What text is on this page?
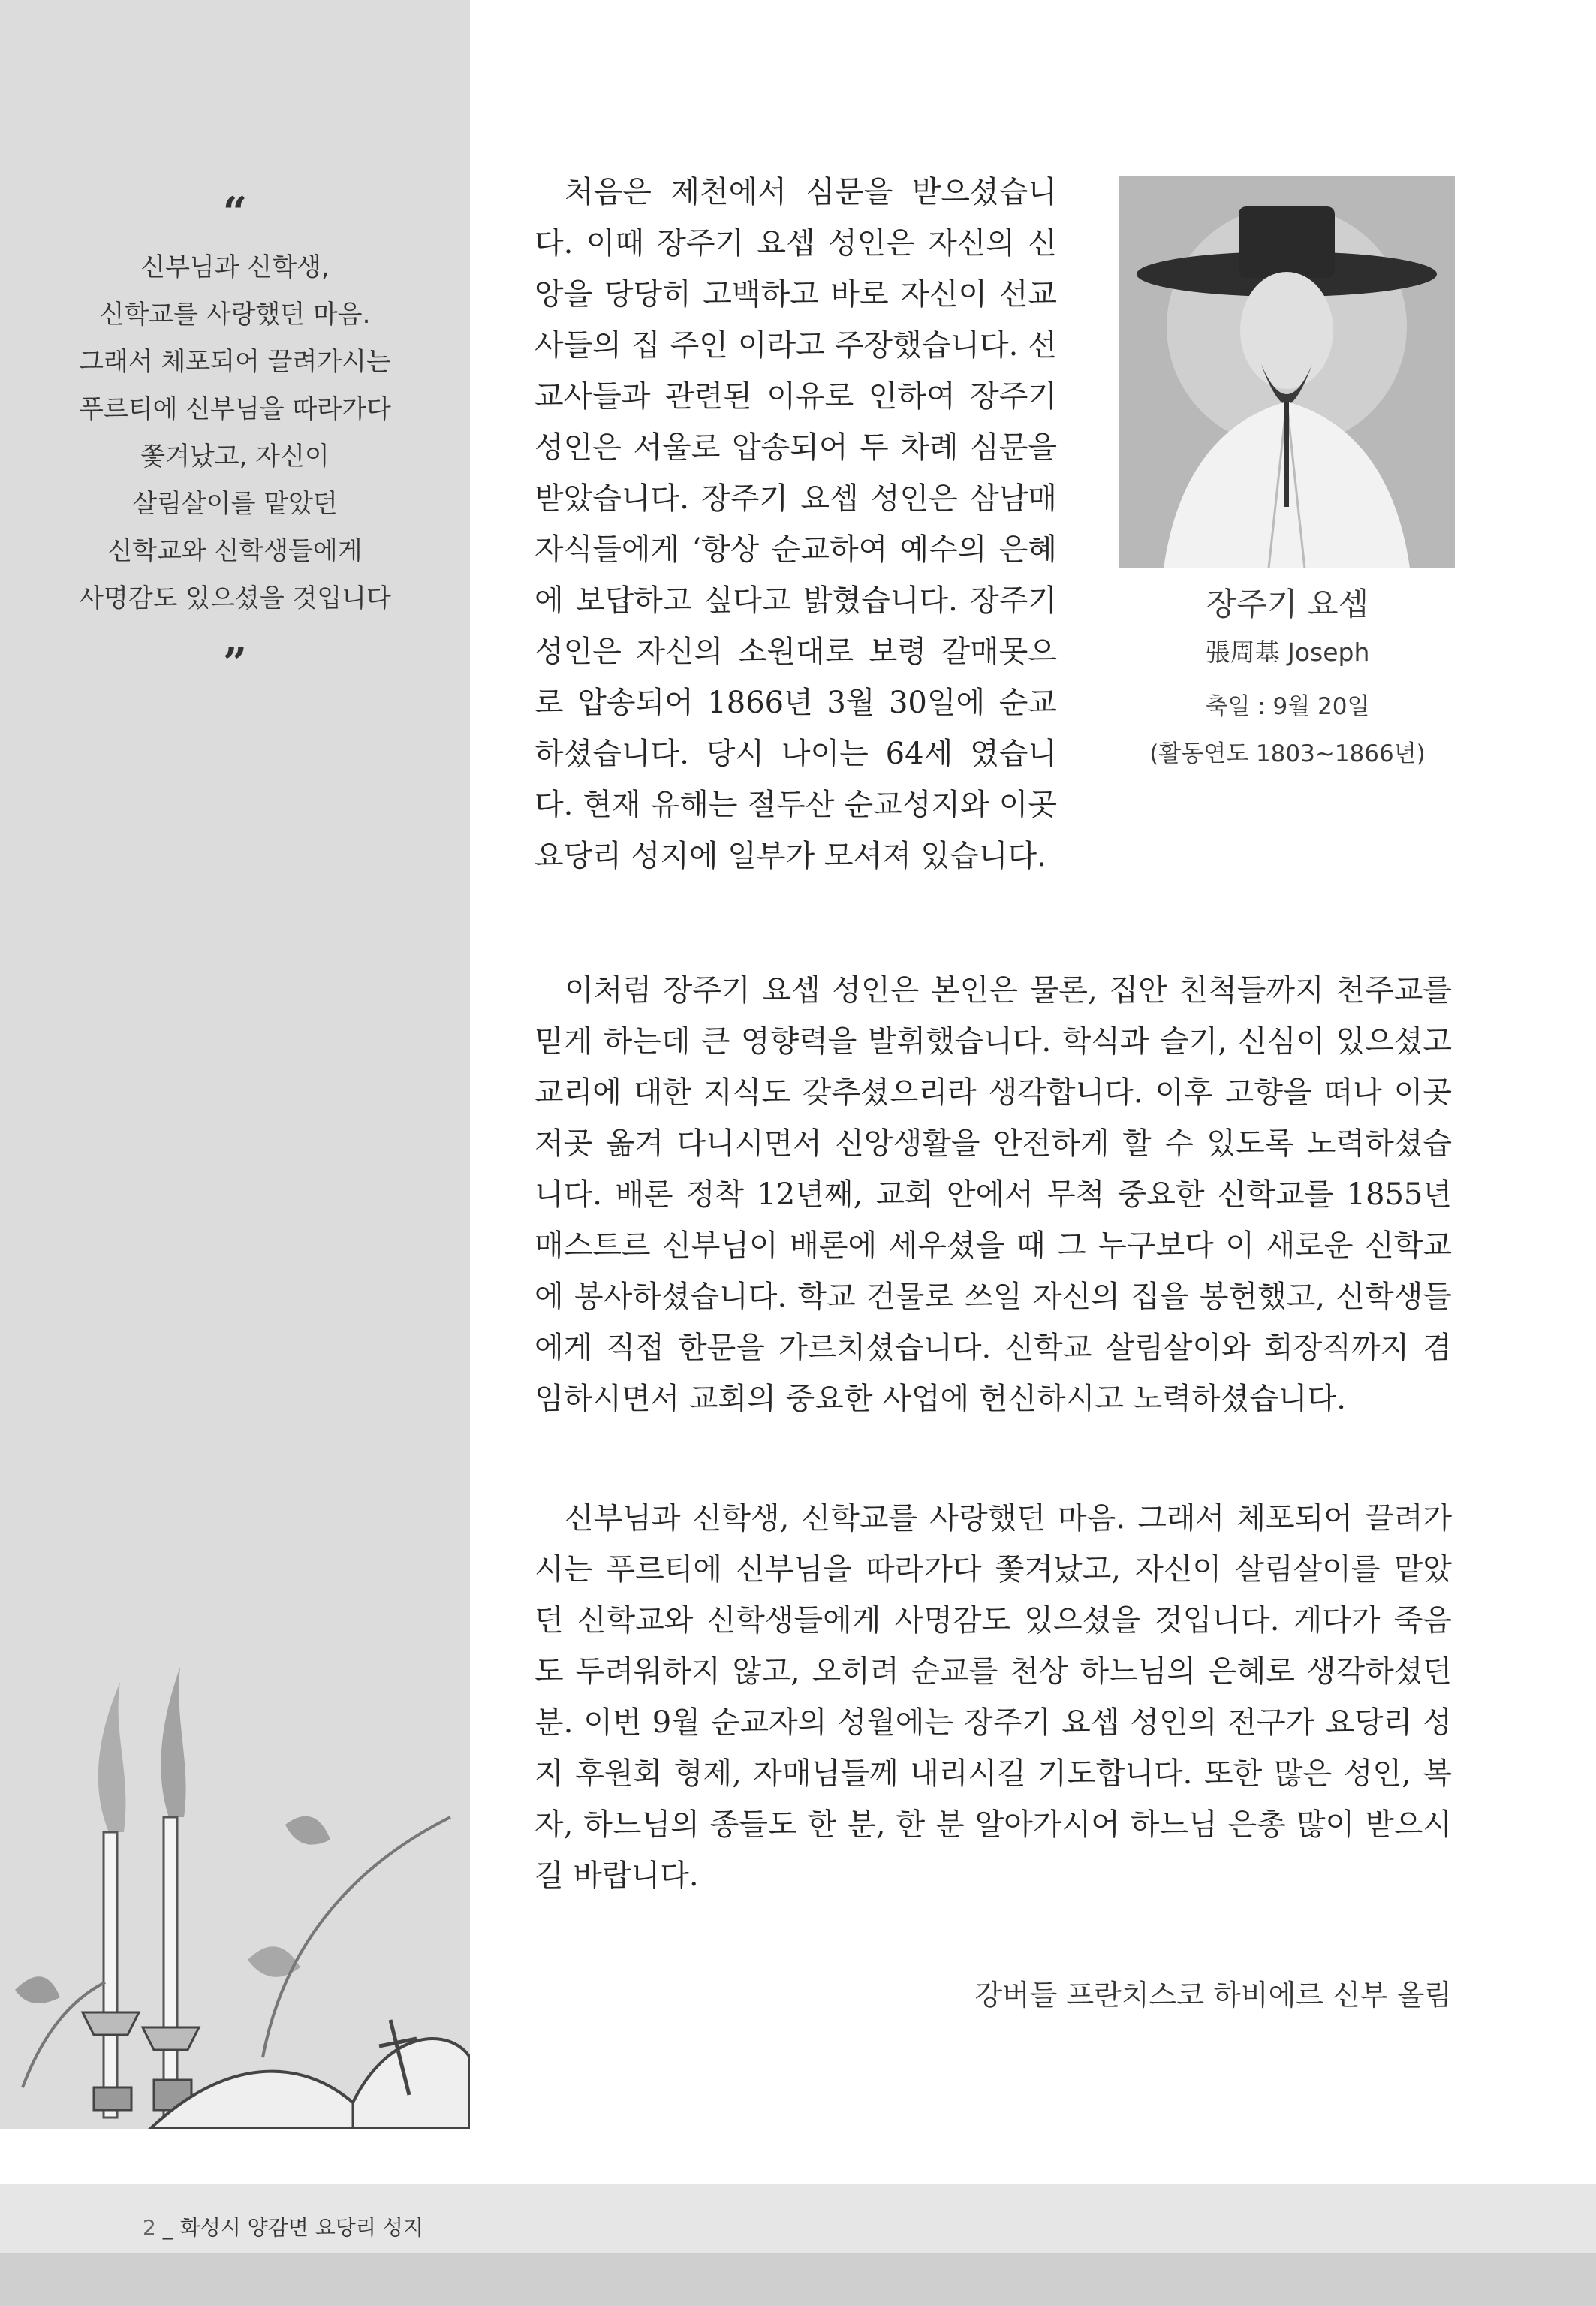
“
신부님과 신학생,
신학교를 사랑했던 마음.
그래서 체포되어 끌려가시는
푸르티에 신부님을 따라가다
쫓겨났고, 자신이
살림살이를 맡았던
신학교와 신학생들에게
사명감도 있으셨을 것입니다
”

처음은 제천에서 심문을 받으셨습니다. 이때 장주기 요셉 성인은 자신의 신앙을 당당히 고백하고 바로 자신이 선교사들의 집 주인 이라고 주장했습니다. 선교사들과 관련된 이유로 인하여 장주기 성인은 서울로 압송되어 두 차례 심문을 받았습니다. 장주기 요셉 성인은 삼남매 자식들에게 ‘항상 순교하여 예수의 은혜에 보답하고 싶다고 밝혔습니다. 장주기 성인은 자신의 소원대로 보령 갈매못으로 압송되어 1866년 3월 30일에 순교하셨습니다. 당시 나이는 64세 였습니다. 현재 유해는 절두산 순교성지와 이곳 요당리 성지에 일부가 모셔져 있습니다.

장주기 요셉
張周基 Joseph
축일 : 9월 20일
(활동연도 1803~1866년)

이처럼 장주기 요셉 성인은 본인은 물론, 집안 친척들까지 천주교를 믿게 하는데 큰 영향력을 발휘했습니다. 학식과 슬기, 신심이 있으셨고 교리에 대한 지식도 갖추셨으리라 생각합니다. 이후 고향을 떠나 이곳저곳 옮겨 다니시면서 신앙생활을 안전하게 할 수 있도록 노력하셨습니다. 배론 정착 12년째, 교회 안에서 무척 중요한 신학교를 1855년 매스트르 신부님이 배론에 세우셨을 때 그 누구보다 이 새로운 신학교에 봉사하셨습니다. 학교 건물로 쓰일 자신의 집을 봉헌했고, 신학생들에게 직접 한문을 가르치셨습니다. 신학교 살림살이와 회장직까지 겸임하시면서 교회의 중요한 사업에 헌신하시고 노력하셨습니다.

신부님과 신학생, 신학교를 사랑했던 마음. 그래서 체포되어 끌려가시는 푸르티에 신부님을 따라가다 쫓겨났고, 자신이 살림살이를 맡았던 신학교와 신학생들에게 사명감도 있으셨을 것입니다. 게다가 죽음도 두려워하지 않고, 오히려 순교를 천상 하느님의 은혜로 생각하셨던 분. 이번 9월 순교자의 성월에는 장주기 요셉 성인의 전구가 요당리 성지 후원회 형제, 자매님들께 내리시길 기도합니다. 또한 많은 성인, 복자, 하느님의 종들도 한 분, 한 분 알아가시어 하느님 은총 많이 받으시길 바랍니다.

강버들 프란치스코 하비에르 신부 올림
2 _ 화성시 양감면 요당리 성지
